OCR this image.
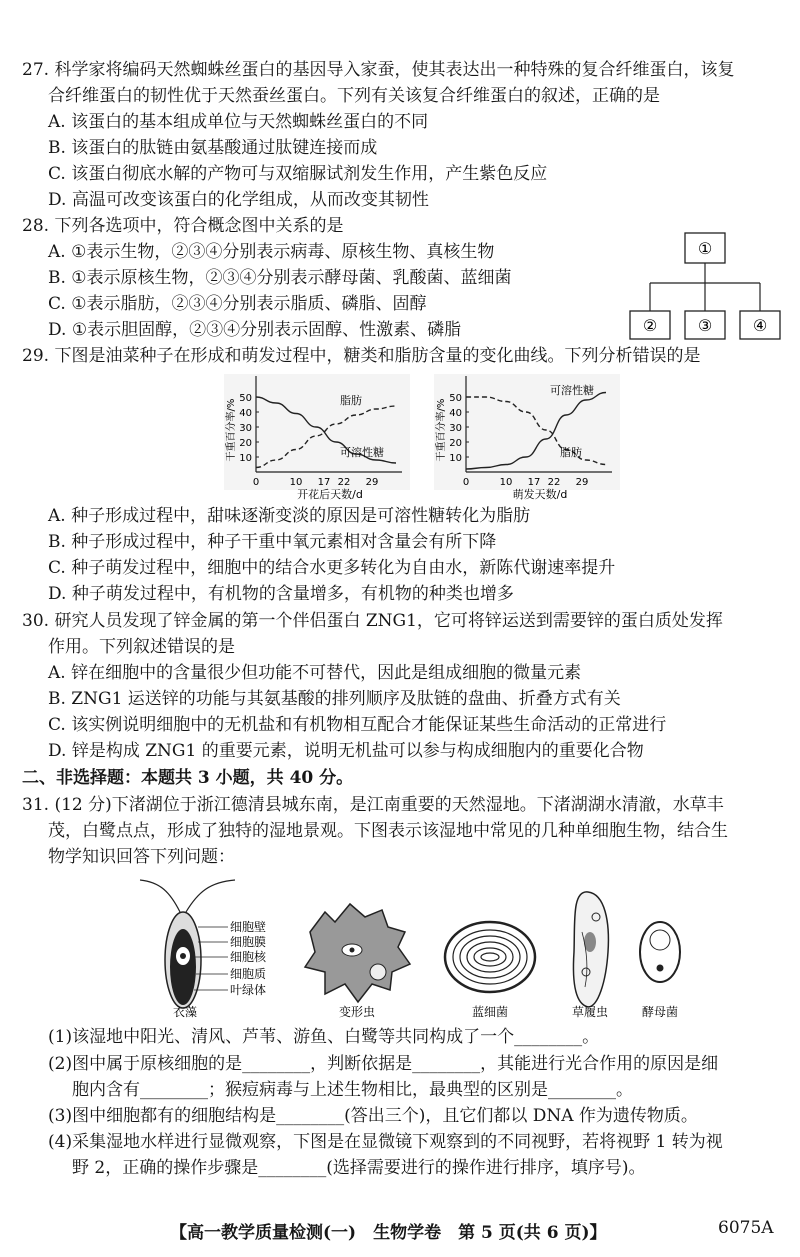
27. 科学家将编码天然蜘蛛丝蛋白的基因导入家蚕，使其表达出一种特殊的复合纤维蛋白，该复
合纤维蛋白的韧性优于天然蚕丝蛋白。下列有关该复合纤维蛋白的叙述，正确的是
A. 该蛋白的基本组成单位与天然蜘蛛丝蛋白的不同
B. 该蛋白的肽链由氨基酸通过肽键连接而成
C. 该蛋白彻底水解的产物可与双缩脲试剂发生作用，产生紫色反应
D. 高温可改变该蛋白的化学组成，从而改变其韧性
28. 下列各选项中，符合概念图中关系的是
A. ①表示生物，②③④分别表示病毒、原核生物、真核生物
B. ①表示原核生物，②③④分别表示酵母菌、乳酸菌、蓝细菌
C. ①表示脂肪，②③④分别表示脂质、磷脂、固醇
D. ①表示胆固醇，②③④分别表示固醇、性激素、磷脂
①
②	③	④
29. 下图是油菜种子在形成和萌发过程中，糖类和脂肪含量的变化曲线。下列分析错误的是
10
20
30
40
50
0	10 17 22 29
干重百分率/%
开花后天数/d
脂肪
可溶性糖	10
20
30
40
50
0	10 17 22 29
干重百分率/%
萌发天数/d
可溶性糖
脂肪
A. 种子形成过程中，甜味逐渐变淡的原因是可溶性糖转化为脂肪
B. 种子形成过程中，种子干重中氧元素相对含量会有所下降
C. 种子萌发过程中，细胞中的结合水更多转化为自由水，新陈代谢速率提升
D. 种子萌发过程中，有机物的含量增多，有机物的种类也增多
30. 研究人员发现了锌金属的第一个伴侣蛋白 ZNG1，它可将锌运送到需要锌的蛋白质处发挥
作用。下列叙述错误的是
A. 锌在细胞中的含量很少但功能不可替代，因此是组成细胞的微量元素
B. ZNG1 运送锌的功能与其氨基酸的排列顺序及肽链的盘曲、折叠方式有关
C. 该实例说明细胞中的无机盐和有机物相互配合才能保证某些生命活动的正常进行
D. 锌是构成 ZNG1 的重要元素，说明无机盐可以参与构成细胞内的重要化合物
二、非选择题：本题共 3 小题，共 40 分。
31. (12 分)下渚湖位于浙江德清县城东南，是江南重要的天然湿地。下渚湖湖水清澈，水草丰
茂，白鹭点点，形成了独特的湿地景观。下图表示该湿地中常见的几种单细胞生物，结合生
物学知识回答下列问题：
细胞壁
细胞膜
细胞核
细胞质
叶绿体
衣藻	变形虫	蓝细菌	草履虫	酵母菌
(1)该湿地中阳光、清风、芦苇、游鱼、白鹭等共同构成了一个________。
(2)图中属于原核细胞的是________，判断依据是________，其能进行光合作用的原因是细
胞内含有________；猴痘病毒与上述生物相比，最典型的区别是________。
(3)图中细胞都有的细胞结构是________(答出三个)，且它们都以 DNA 作为遗传物质。
(4)采集湿地水样进行显微观察，下图是在显微镜下观察到的不同视野，若将视野 1 转为视
野 2，正确的操作步骤是________(选择需要进行的操作进行排序，填序号)。
【高一教学质量检测(一)　生物学卷　第 5 页(共 6 页)】	6075A
